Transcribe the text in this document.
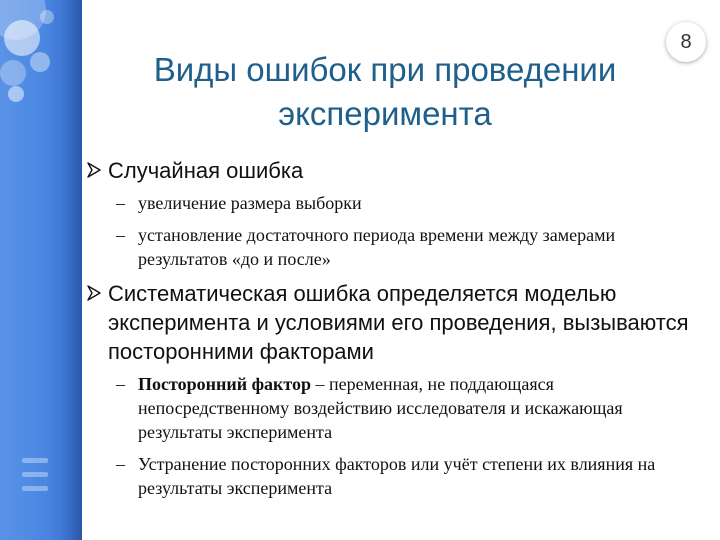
8
Виды ошибок при проведении эксперимента
Случайная ошибка
– увеличение размера выборки
– установление достаточного периода времени между замерами результатов «до и после»
Систематическая ошибка определяется моделью эксперимента и условиями его проведения, вызываются посторонними факторами
– Посторонний фактор – переменная, не поддающаяся непосредственному воздействию исследователя и искажающая результаты эксперимента
– Устранение посторонних факторов или учёт степени их влияния на результаты эксперимента
